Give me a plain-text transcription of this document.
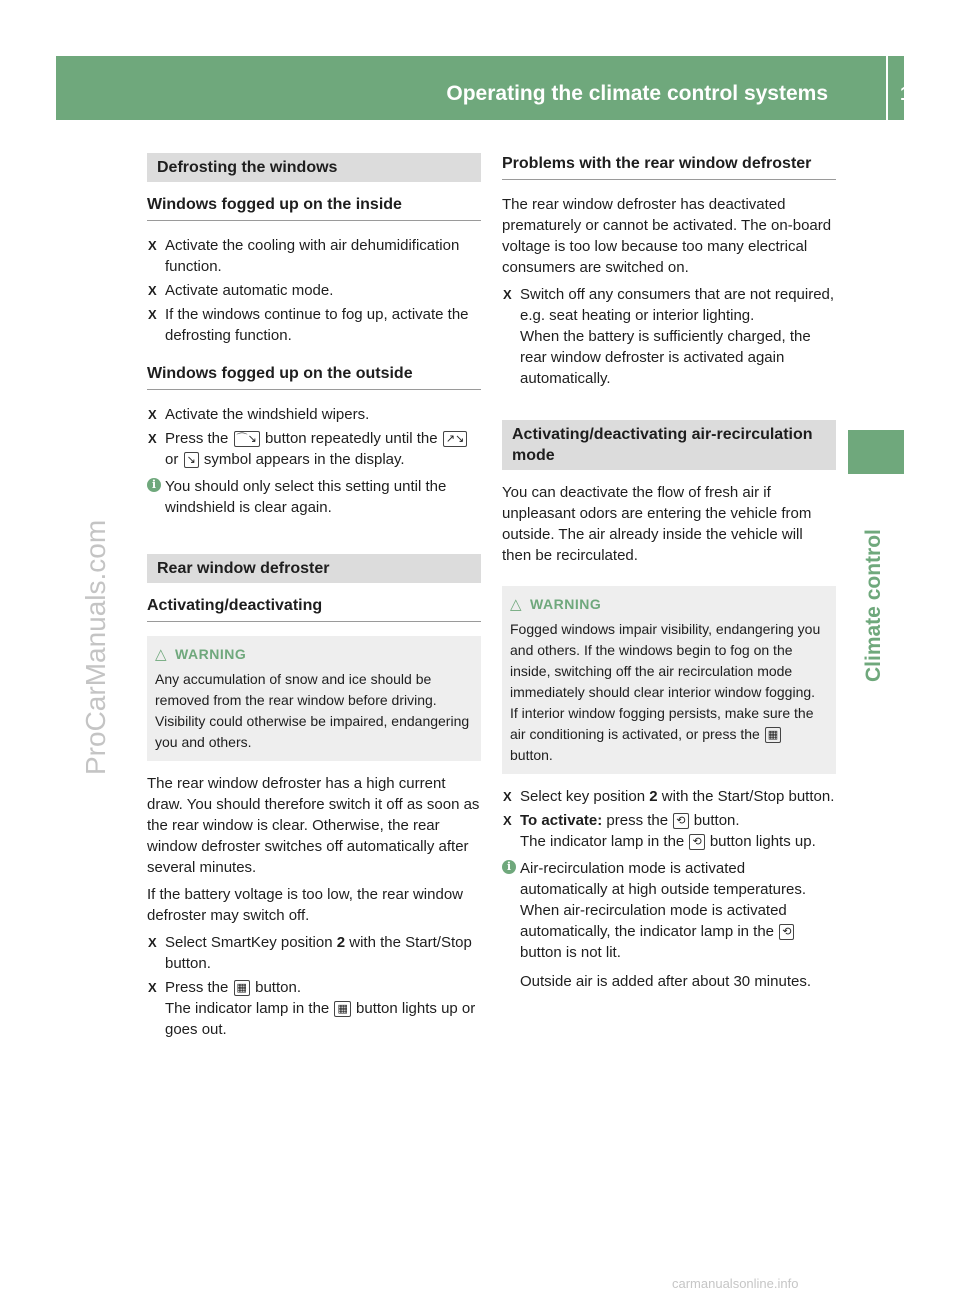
Operating the climate control systems	107
Climate control
ProCarManuals.com
carmanualsonline.info
Defrosting the windows
Windows fogged up on the inside
X Activate the cooling with air dehumidification function.
X Activate automatic mode.
X If the windows continue to fog up, activate the defrosting function.
Windows fogged up on the outside
X Activate the windshield wipers.
X Press the ⌒↘ button repeatedly until the ↗↘ or ↘ symbol appears in the display.
i You should only select this setting until the windshield is clear again.
Rear window defroster
Activating/deactivating
△ WARNING
Any accumulation of snow and ice should be removed from the rear window before driving. Visibility could otherwise be impaired, endangering you and others.
The rear window defroster has a high current draw. You should therefore switch it off as soon as the rear window is clear. Otherwise, the rear window defroster switches off automatically after several minutes.
If the battery voltage is too low, the rear window defroster may switch off.
X Select SmartKey position 2 with the Start/Stop button.
X Press the ▦ button.
The indicator lamp in the ▦ button lights up or goes out.
Problems with the rear window defroster
The rear window defroster has deactivated prematurely or cannot be activated. The on-board voltage is too low because too many electrical consumers are switched on.
X Switch off any consumers that are not required, e.g. seat heating or interior lighting.
When the battery is sufficiently charged, the rear window defroster is activated again automatically.
Activating/deactivating air-recirculation mode
You can deactivate the flow of fresh air if unpleasant odors are entering the vehicle from outside. The air already inside the vehicle will then be recirculated.
△ WARNING
Fogged windows impair visibility, endangering you and others. If the windows begin to fog on the inside, switching off the air recirculation mode immediately should clear interior window fogging. If interior window fogging persists, make sure the air conditioning is activated, or press the ▦ button.
X Select key position 2 with the Start/Stop button.
X To activate: press the ⟲ button.
The indicator lamp in the ⟲ button lights up.
i Air-recirculation mode is activated automatically at high outside temperatures. When air-recirculation mode is activated automatically, the indicator lamp in the ⟲ button is not lit.
Outside air is added after about 30 minutes.
